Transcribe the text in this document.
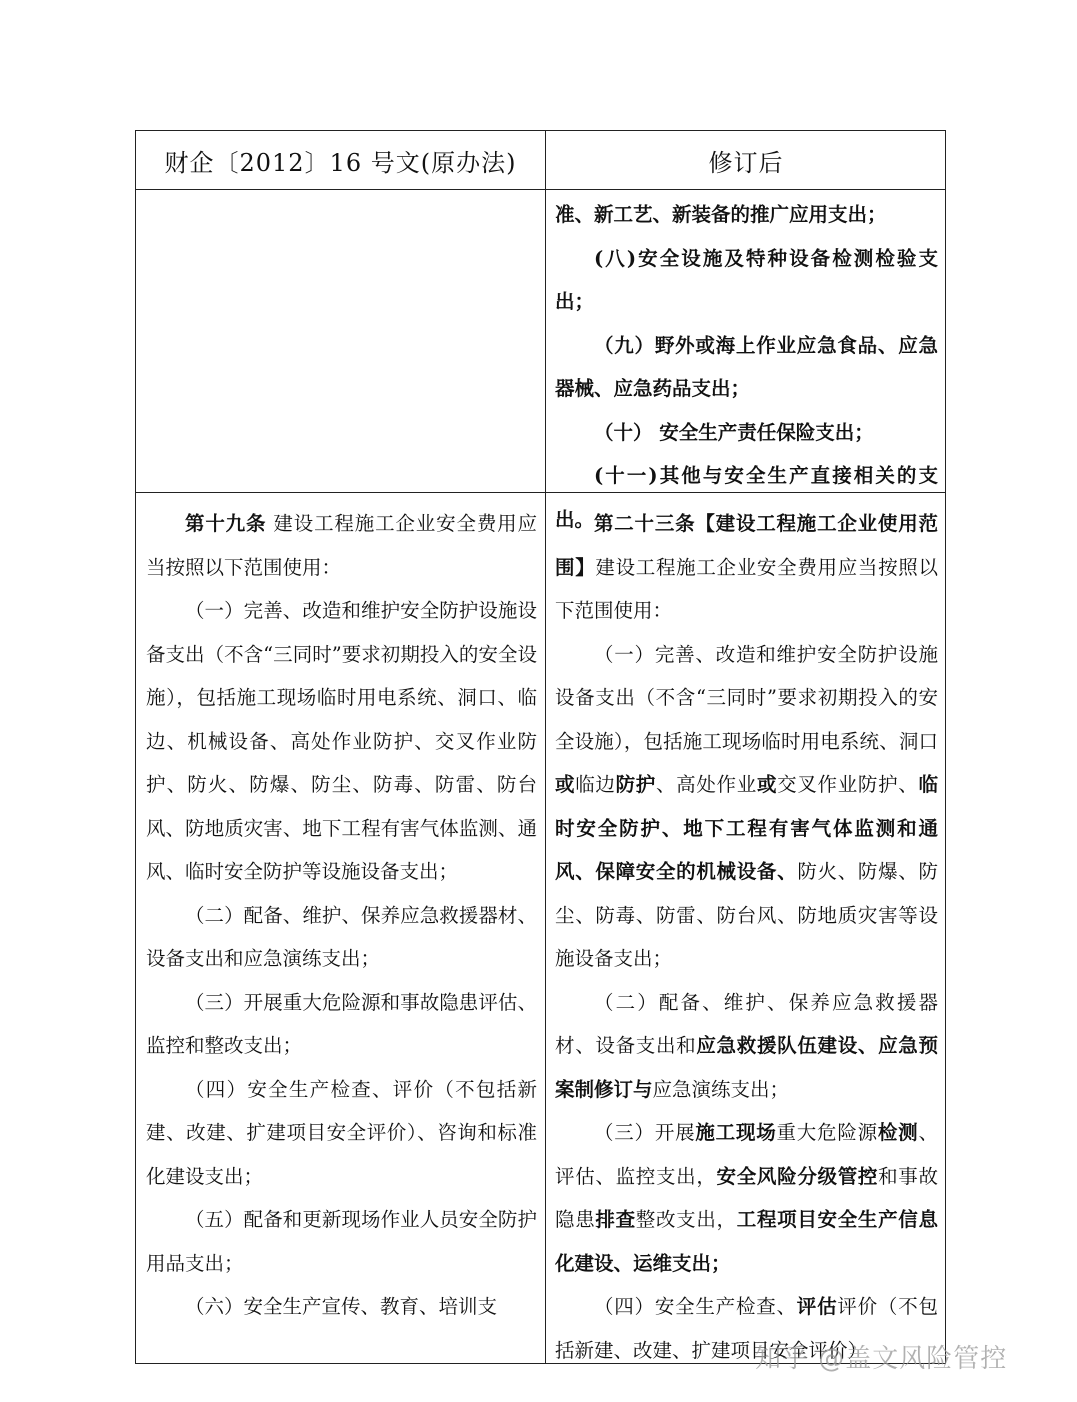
财企〔2012〕16 号文(原办法)	修订后

准、新工艺、新装备的推广应用支出；

(八)安全设施及特种设备检测检验支出；

（九）野外或海上作业应急食品、应急器械、应急药品支出；

（十） 安全生产责任保险支出；

(十一)其他与安全生产直接相关的支出。

第十九条 建设工程施工企业安全费用应当按照以下范围使用：

（一）完善、改造和维护安全防护设施设备支出（不含“三同时”要求初期投入的安全设施），包括施工现场临时用电系统、洞口、临边、机械设备、高处作业防护、交叉作业防护、防火、防爆、防尘、防毒、防雷、防台风、防地质灾害、地下工程有害气体监测、通风、临时安全防护等设施设备支出；

（二）配备、维护、保养应急救援器材、设备支出和应急演练支出；

（三）开展重大危险源和事故隐患评估、监控和整改支出；

（四）安全生产检查、评价（不包括新建、改建、扩建项目安全评价）、咨询和标准化建设支出；

（五）配备和更新现场作业人员安全防护用品支出；

（六）安全生产宣传、教育、培训支

第二十三条【建设工程施工企业使用范围】建设工程施工企业安全费用应当按照以下范围使用：

（一）完善、改造和维护安全防护设施设备支出（不含“三同时”要求初期投入的安全设施），包括施工现场临时用电系统、洞口或临边防护、高处作业或交叉作业防护、临时安全防护、地下工程有害气体监测和通风、保障安全的机械设备、防火、防爆、防尘、防毒、防雷、防台风、防地质灾害等设施设备支出；

（二）配备、维护、保养应急救援器材、设备支出和应急救援队伍建设、应急预案制修订与应急演练支出；

（三）开展施工现场重大危险源检测、评估、监控支出，安全风险分级管控和事故隐患排查整改支出，工程项目安全生产信息化建设、运维支出；

（四）安全生产检查、评估评价（不包括新建、改建、扩建项目安全评价）

知乎 @盖文风险管控
